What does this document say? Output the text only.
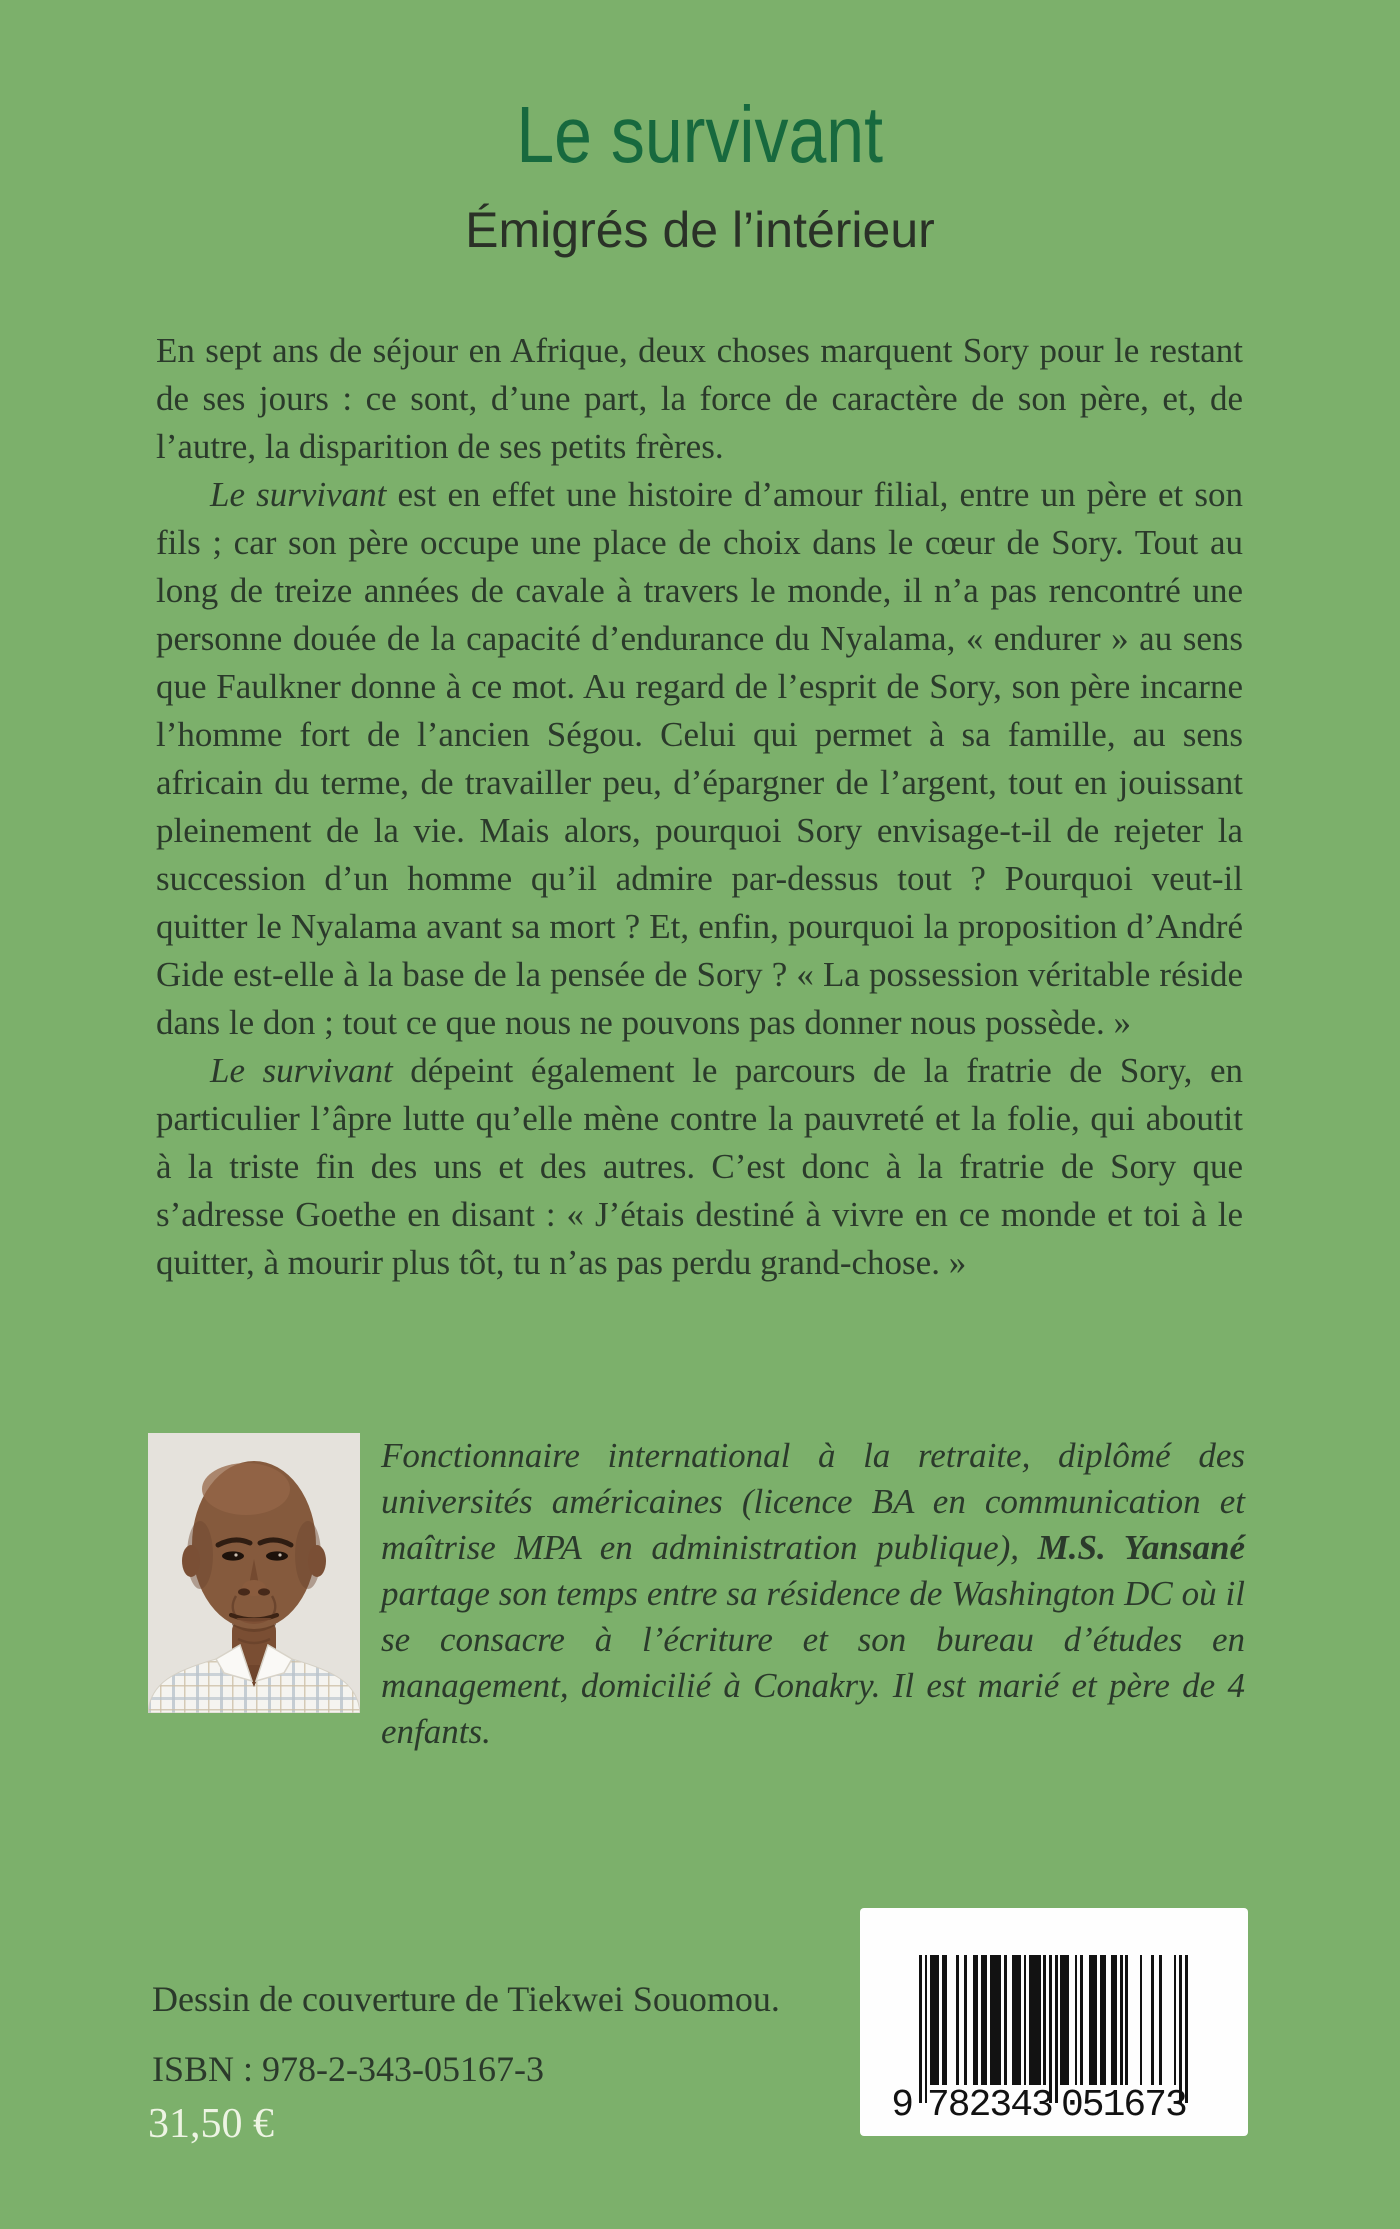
Le survivant
Émigrés de l’intérieur

En sept ans de séjour en Afrique, deux choses marquent Sory pour le restant de ses jours : ce sont, d’une part, la force de caractère de son père, et, de l’autre, la disparition de ses petits frères.

Le survivant est en effet une histoire d’amour filial, entre un père et son fils ; car son père occupe une place de choix dans le cœur de Sory. Tout au long de treize années de cavale à travers le monde, il n’a pas rencontré une personne douée de la capacité d’endurance du Nyalama, « endurer » au sens que Faulkner donne à ce mot. Au regard de l’esprit de Sory, son père incarne l’homme fort de l’ancien Ségou. Celui qui permet à sa famille, au sens africain du terme, de travailler peu, d’épargner de l’argent, tout en jouissant pleinement de la vie. Mais alors, pourquoi Sory envisage-t-il de rejeter la succession d’un homme qu’il admire par-dessus tout ? Pourquoi veut-il quitter le Nyalama avant sa mort ? Et, enfin, pourquoi la proposition d’André Gide est-elle à la base de la pensée de Sory ? « La possession véritable réside dans le don ; tout ce que nous ne pouvons pas donner nous possède. »

Le survivant dépeint également le parcours de la fratrie de Sory, en particulier l’âpre lutte qu’elle mène contre la pauvreté et la folie, qui aboutit à la triste fin des uns et des autres. C’est donc à la fratrie de Sory que s’adresse Goethe en disant : « J’étais destiné à vivre en ce monde et toi à le quitter, à mourir plus tôt, tu n’as pas perdu grand-chose. »

Fonctionnaire international à la retraite, diplômé des universités américaines (licence BA en communication et maîtrise MPA en administration publique), M.S. Yansané partage son temps entre sa résidence de Washington DC où il se consacre à l’écriture et son bureau d’études en management, domicilié à Conakry. Il est marié et père de 4 enfants.
Dessin de couverture de Tiekwei Souomou.
ISBN : 978-2-343-05167-3
31,50 €	9 782343 051673
